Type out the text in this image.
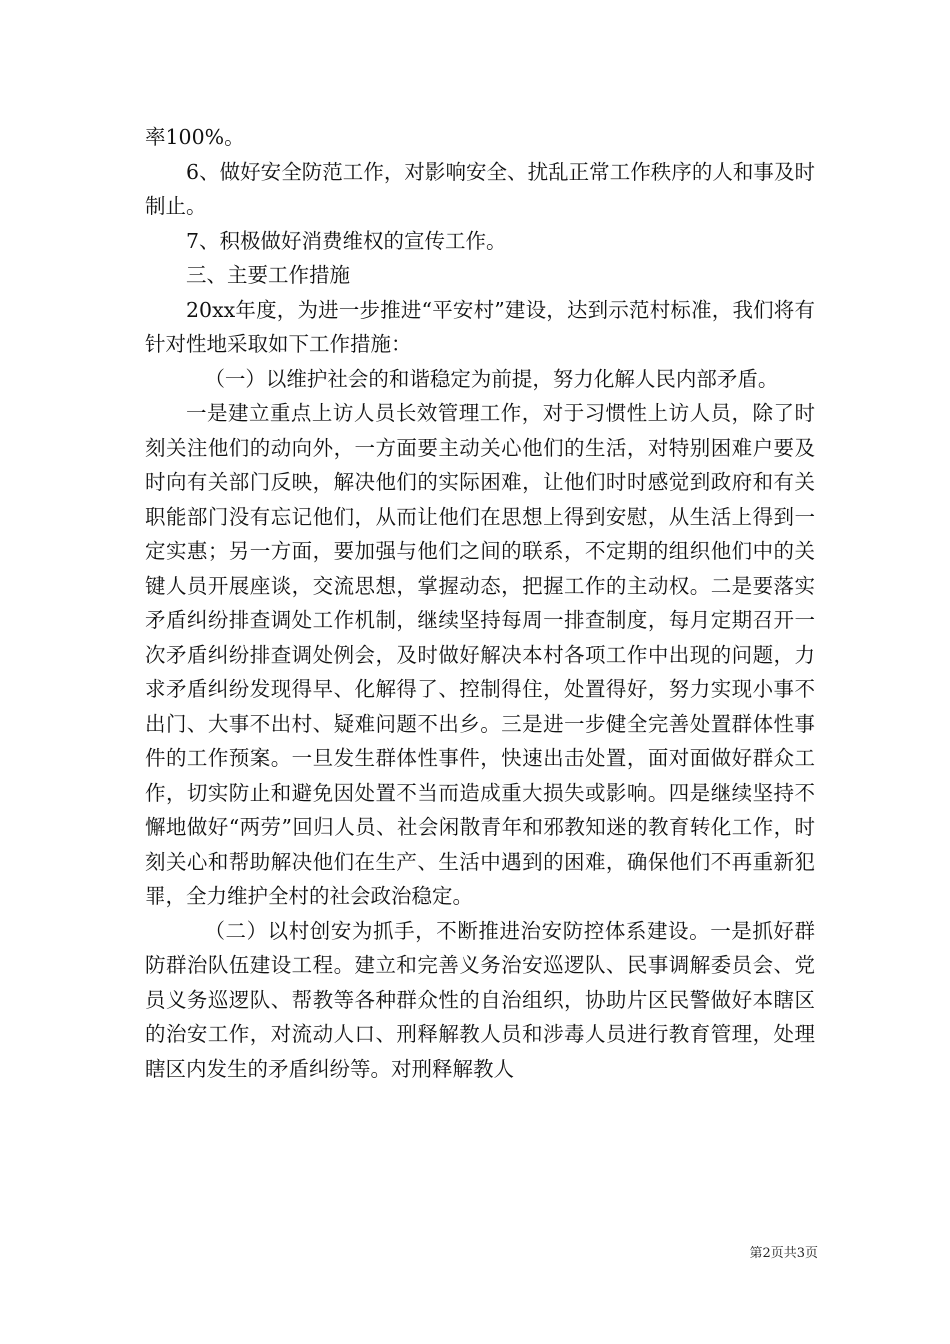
率100%。

6、做好安全防范工作，对影响安全、扰乱正常工作秩序的人和事及时制止。

7、积极做好消费维权的宣传工作。

三、主要工作措施

20xx年度，为进一步推进“平安村”建设，达到示范村标准，我们将有针对性地采取如下工作措施：

（一）以维护社会的和谐稳定为前提，努力化解人民内部矛盾。

一是建立重点上访人员长效管理工作，对于习惯性上访人员，除了时刻关注他们的动向外，一方面要主动关心他们的生活，对特别困难户要及时向有关部门反映，解决他们的实际困难，让他们时时感觉到政府和有关职能部门没有忘记他们，从而让他们在思想上得到安慰，从生活上得到一定实惠；另一方面，要加强与他们之间的联系，不定期的组织他们中的关键人员开展座谈，交流思想，掌握动态，把握工作的主动权。二是要落实矛盾纠纷排查调处工作机制，继续坚持每周一排查制度，每月定期召开一次矛盾纠纷排查调处例会，及时做好解决本村各项工作中出现的问题，力求矛盾纠纷发现得早、化解得了、控制得住，处置得好，努力实现小事不出门、大事不出村、疑难问题不出乡。三是进一步健全完善处置群体性事件的工作预案。一旦发生群体性事件，快速出击处置，面对面做好群众工作，切实防止和避免因处置不当而造成重大损失或影响。四是继续坚持不懈地做好“两劳”回归人员、社会闲散青年和邪教知迷的教育转化工作，时刻关心和帮助解决他们在生产、生活中遇到的困难，确保他们不再重新犯罪，全力维护全村的社会政治稳定。

（二）以村创安为抓手，不断推进治安防控体系建设。一是抓好群防群治队伍建设工程。建立和完善义务治安巡逻队、民事调解委员会、党员义务巡逻队、帮教等各种群众性的自治组织，协助片区民警做好本瞎区的治安工作，对流动人口、刑释解教人员和涉毒人员进行教育管理，处理瞎区内发生的矛盾纠纷等。对刑释解教人

第2页共3页
